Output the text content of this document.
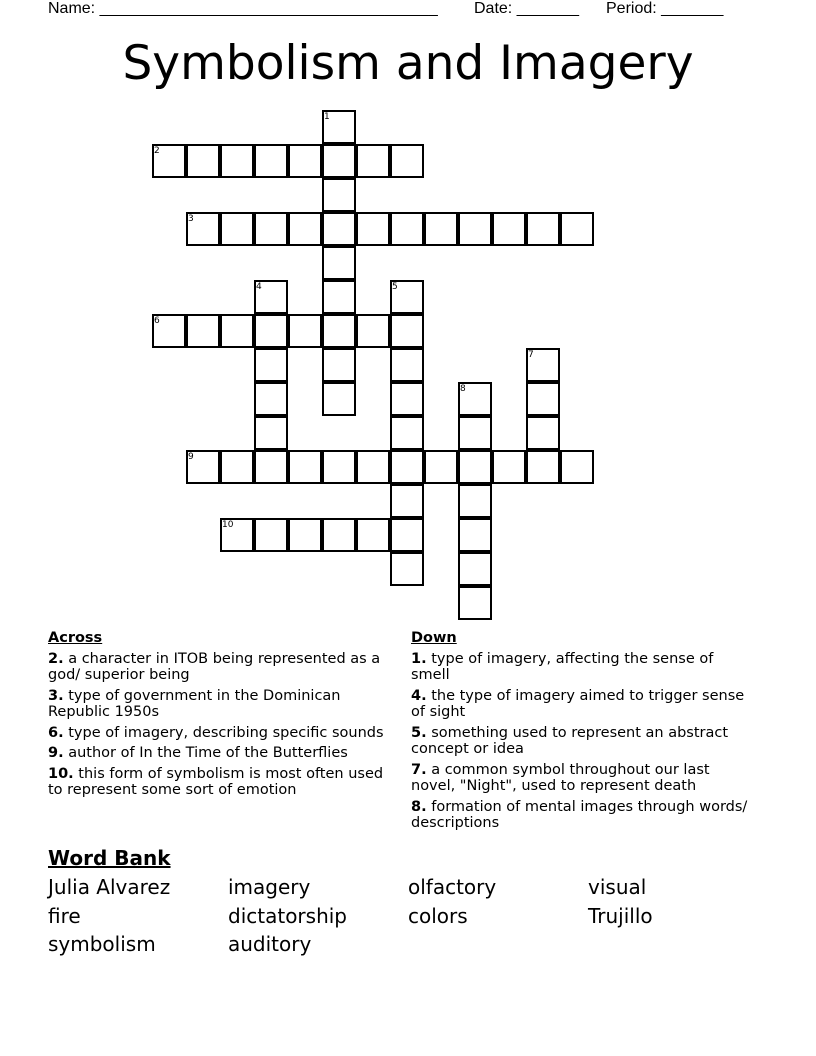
Name: ______________________________________ Date: _______ Period: _______
Symbolism and Imagery
1
2
3
4	5
6
7
8
9
10
Across
2. a character in ITOB being represented as a god/ superior being
3. type of government in the Dominican Republic 1950s
6. type of imagery, describing specific sounds
9. author of In the Time of the Butterflies
10. this form of symbolism is most often used to represent some sort of emotion
Down
1. type of imagery, affecting the sense of smell
4. the type of imagery aimed to trigger sense of sight
5. something used to represent an abstract concept or idea
7. a common symbol throughout our last novel, "Night", used to represent death
8. formation of mental images through words/ descriptions
Word Bank
Julia Alvarez	imagery	olfactory	visual
fire	dictatorship	colors	Trujillo
symbolism	auditory
